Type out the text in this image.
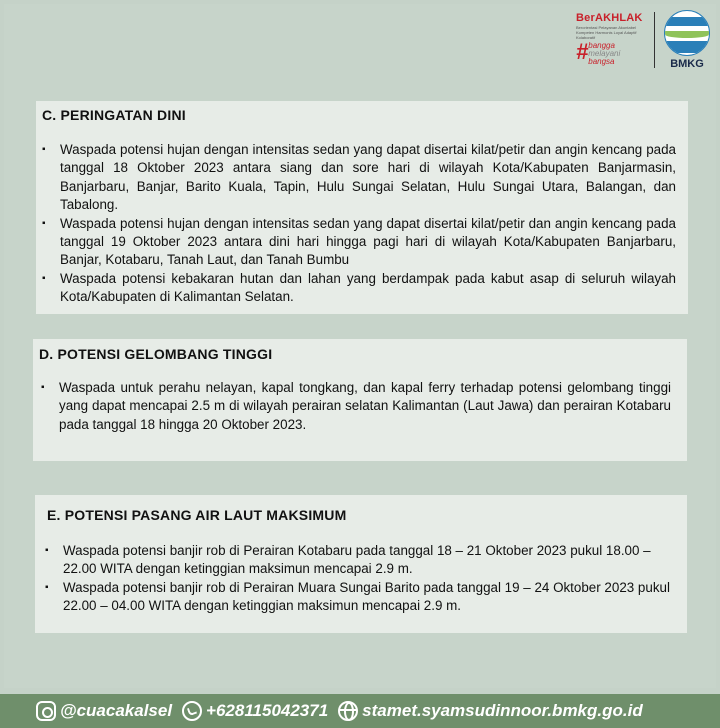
BerAKHLAK
Berorientasi Pelayanan Akuntabel Kompeten Harmonis Loyal Adaptif Kolaboratif
# bangga
melayani
bangsa	BMKG
C. PERINGATAN DINI
▪ Waspada potensi hujan dengan intensitas sedan yang dapat disertai kilat/petir dan angin kencang pada tanggal 18 Oktober 2023 antara siang dan sore hari di wilayah Kota/Kabupaten Banjarmasin, Banjarbaru, Banjar, Barito Kuala, Tapin, Hulu Sungai Selatan, Hulu Sungai Utara, Balangan, dan Tabalong.
▪ Waspada potensi hujan dengan intensitas sedan yang dapat disertai kilat/petir dan angin kencang pada tanggal 19 Oktober 2023 antara dini hari hingga pagi hari di wilayah Kota/Kabupaten Banjarbaru, Banjar, Kotabaru, Tanah Laut, dan Tanah Bumbu
▪ Waspada potensi kebakaran hutan dan lahan yang berdampak pada kabut asap di seluruh wilayah Kota/Kabupaten di Kalimantan Selatan.
D. POTENSI GELOMBANG TINGGI
▪ Waspada untuk perahu nelayan, kapal tongkang, dan kapal ferry terhadap potensi gelombang tinggi yang dapat mencapai 2.5 m di wilayah perairan selatan Kalimantan (Laut Jawa) dan perairan Kotabaru pada tanggal 18 hingga 20 Oktober 2023.
E. POTENSI PASANG AIR LAUT MAKSIMUM
▪ Waspada potensi banjir rob di Perairan Kotabaru pada tanggal 18 – 21 Oktober 2023 pukul 18.00 – 22.00 WITA dengan ketinggian maksimun mencapai 2.9 m.
▪ Waspada potensi banjir rob di Perairan Muara Sungai Barito pada tanggal 19 – 24 Oktober 2023 pukul 22.00 – 04.00 WITA dengan ketinggian maksimun mencapai 2.9 m.
@cuacakalsel +628115042371 stamet.syamsudinnoor.bmkg.go.id
